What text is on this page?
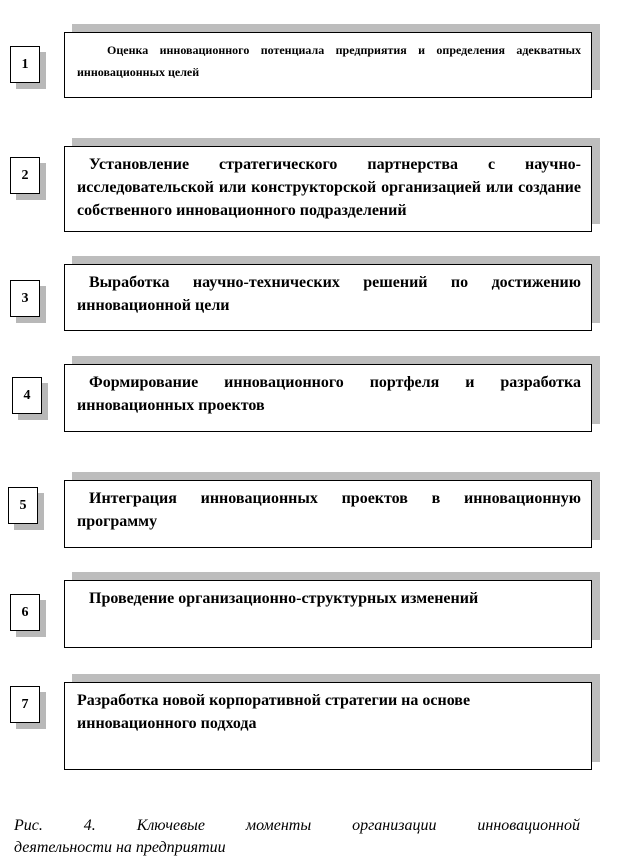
1
Оценка инновационного потенциала предприятия и определения адекватных инновационных целей
2
Установление стратегического партнерства с научно-исследовательской или конструкторской организацией или создание собственного инновационного подразделений
3
Выработка научно-технических решений по достижению инновационной цели
4
Формирование инновационного портфеля и разработка инновационных проектов
5	Интеграция инновационных проектов в инновационную программу
6
Проведение организационно-структурных изменений
7	Разработка новой корпоративной стратегии на основе инновационного подхода
Рис. 4. Ключевые моменты организации инновационной
деятельности на предприятии
